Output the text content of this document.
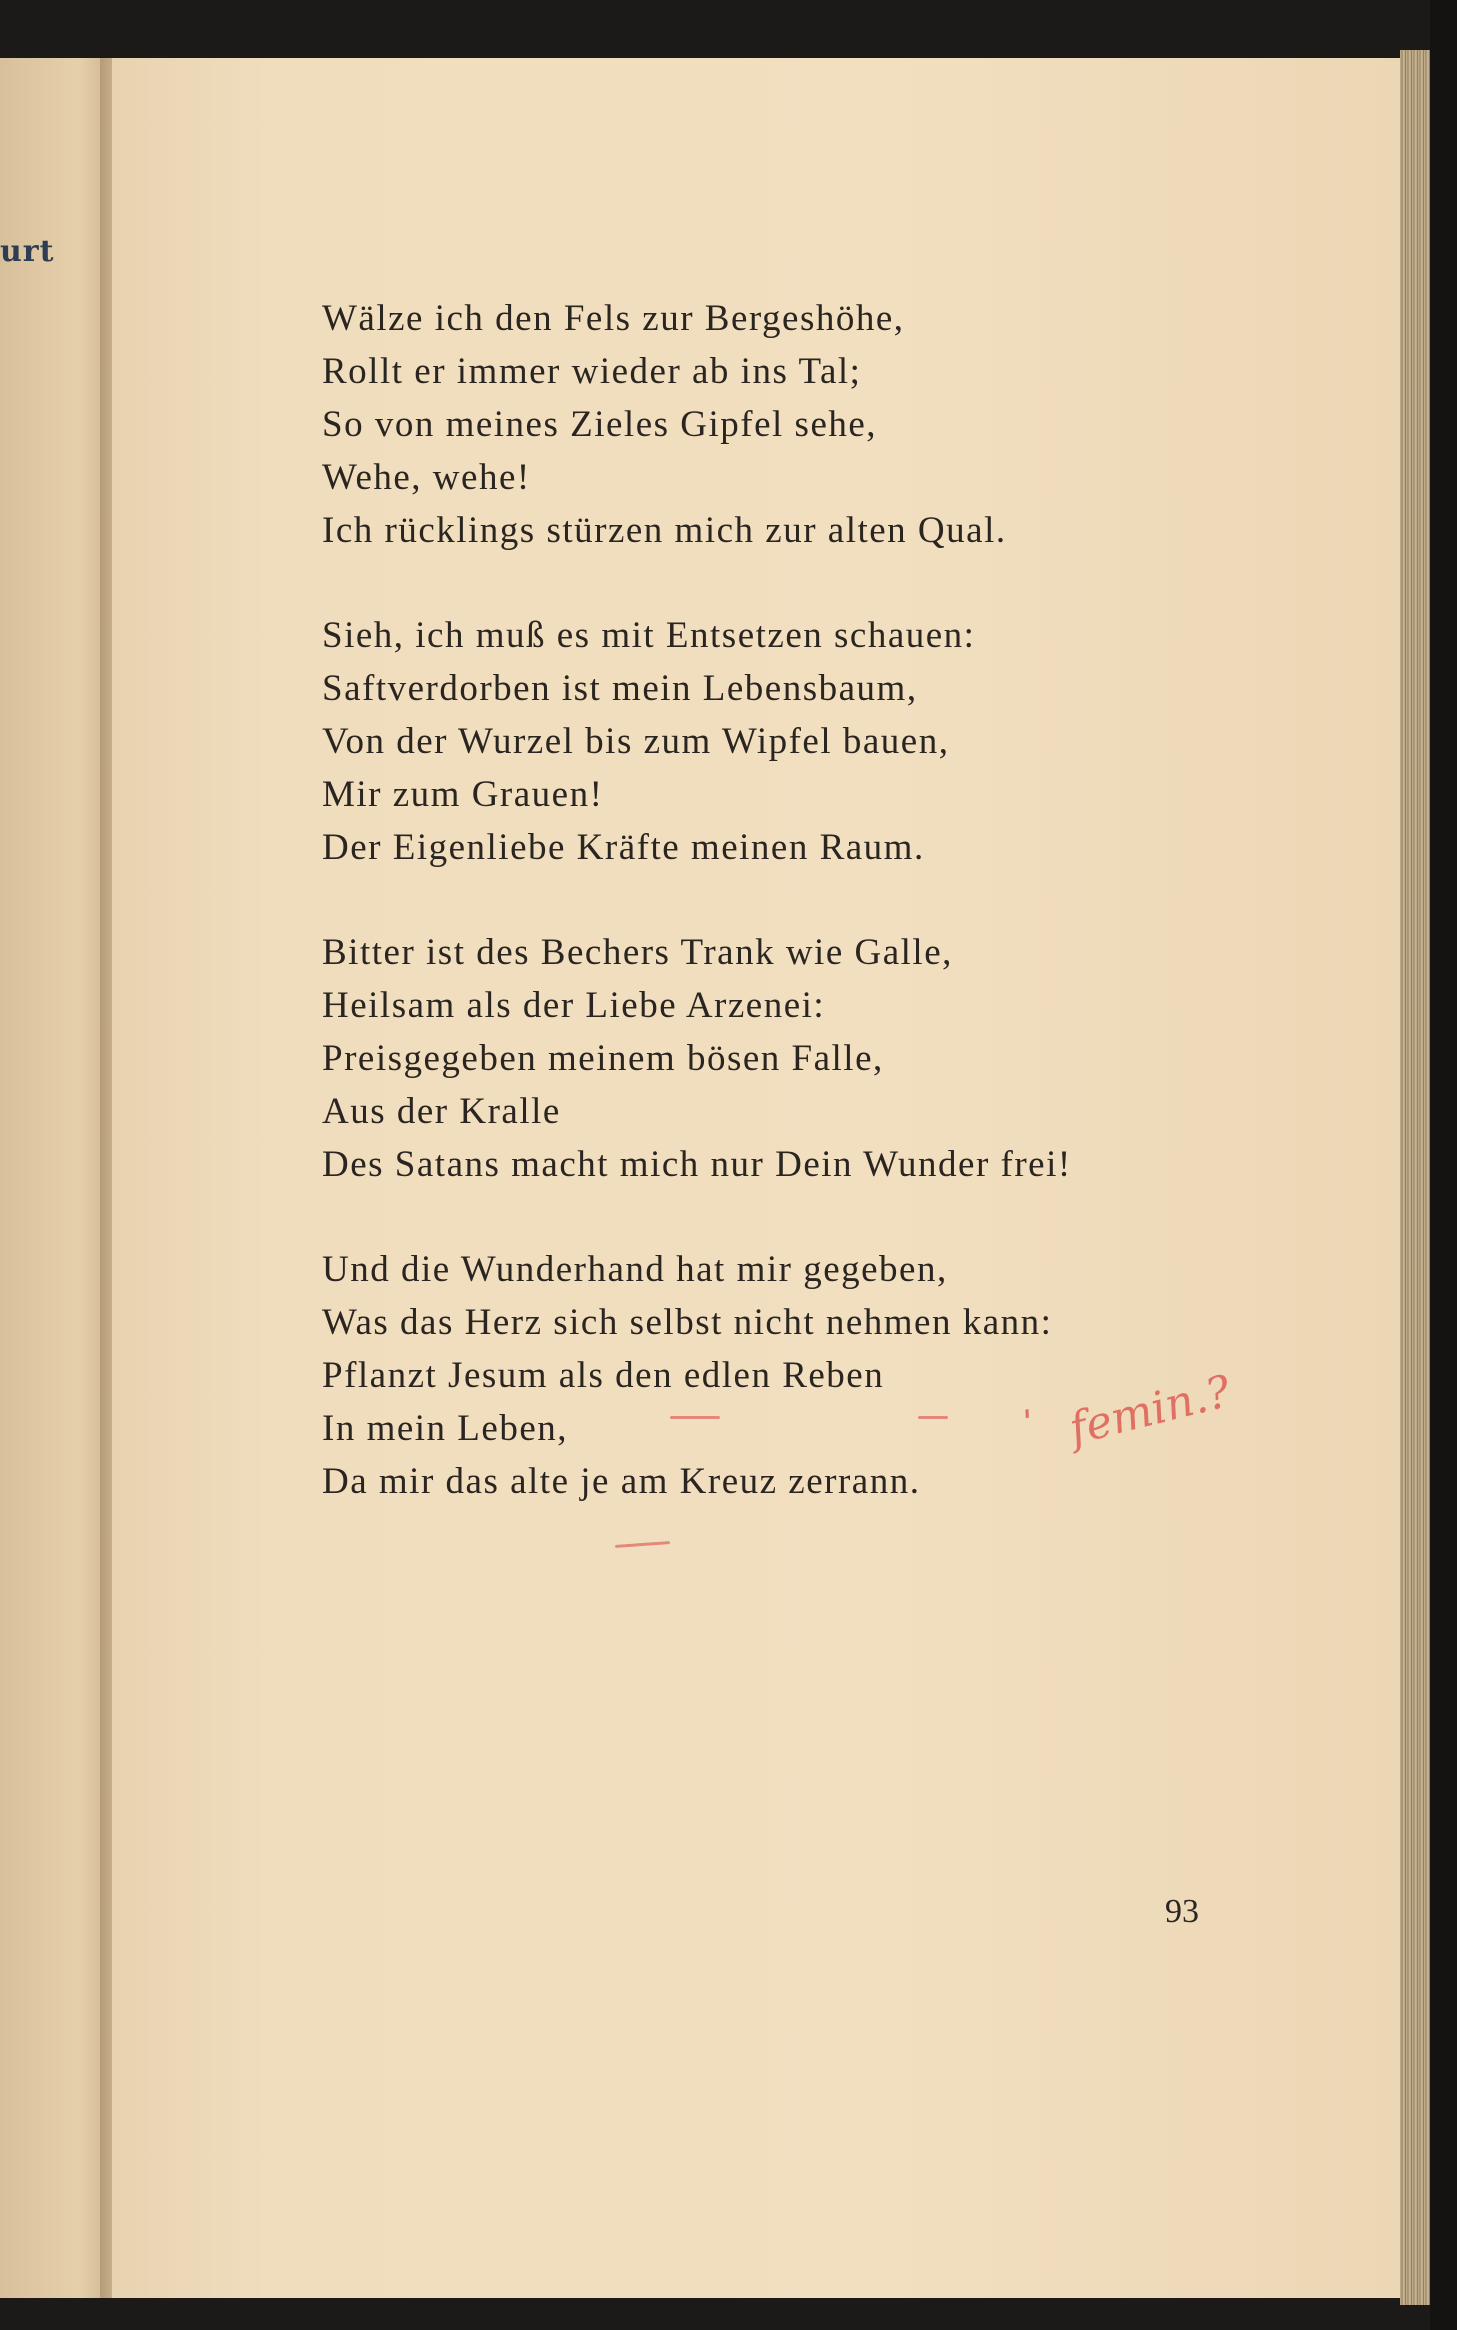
urt
Wälze ich den Fels zur Bergeshöhe,
Rollt er immer wieder ab ins Tal;
So von meines Zieles Gipfel sehe,
Wehe, wehe!
Ich rücklings stürzen mich zur alten Qual.
Sieh, ich muß es mit Entsetzen schauen:
Saftverdorben ist mein Lebensbaum,
Von der Wurzel bis zum Wipfel bauen,
Mir zum Grauen!
Der Eigenliebe Kräfte meinen Raum.
Bitter ist des Bechers Trank wie Galle,
Heilsam als der Liebe Arzenei:
Preisgegeben meinem bösen Falle,
Aus der Kralle
Des Satans macht mich nur Dein Wunder frei!
Und die Wunderhand hat mir gegeben,
Was das Herz sich selbst nicht nehmen kann:
Pflanzt Jesum als den edlen Reben
In mein Leben,
Da mir das alte je am Kreuz zerrann.
ˌ femin.?
93
